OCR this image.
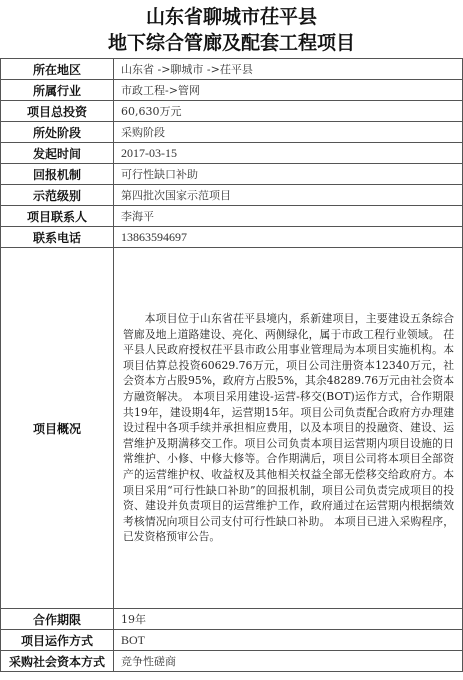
山东省聊城市茌平县
地下综合管廊及配套工程项目
所在地区	山东省 ->聊城市 ->茌平县
所属行业	市政工程->管网
项目总投资	60,630万元
所处阶段	采购阶段
发起时间	2017-03-15
回报机制	可行性缺口补助
示范级别	第四批次国家示范项目
项目联系人	李海平
联系电话	13863594697
项目概况	本项目位于山东省茌平县境内，系新建项目，主要建设五条综合管廊及地上道路建设、亮化、两侧绿化，属于市政工程行业领域。 茌平县人民政府授权茌平县市政公用事业管理局为本项目实施机构。本项目估算总投资60629.76万元，项目公司注册资本12340万元，社会资本方占股95%，政府方占股5%，其余48289.76万元由社会资本方融资解决。 本项目采用建设-运营-移交(BOT)运作方式，合作期限共19年，建设期4年，运营期15年。项目公司负责配合政府方办理建设过程中各项手续并承担相应费用，以及本项目的投融资、建设、运营维护及期满移交工作。项目公司负责本项目运营期内项目设施的日常维护、小修、中修大修等。合作期满后，项目公司将本项目全部资产的运营维护权、收益权及其他相关权益全部无偿移交给政府方。本项目采用“可行性缺口补助”的回报机制，项目公司负责完成项目的投资、建设并负责项目的运营维护工作，政府通过在运营期内根据绩效考核情况向项目公司支付可行性缺口补助。 本项目已进入采购程序，已发资格预审公告。

合作期限	19年
项目运作方式	BOT
采购社会资本方式	竞争性磋商
